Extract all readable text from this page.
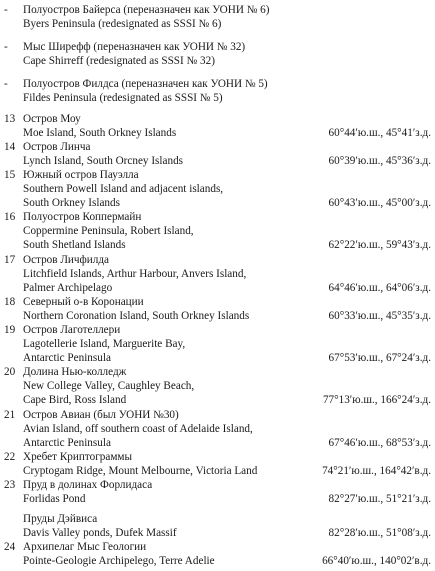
-	Полуостров Байерса (переназначен как УОНИ № 6)
Byers Peninsula (redesignated as SSSI № 6)
-	Мыс Ширефф (переназначен как УОНИ № 32)
Cape Shirreff (redesignated as SSSI № 32)
-	Полуостров Филдса (переназначен как УОНИ № 5)
Fildes Peninsula (redesignated as SSSI № 5)
13 Остров Моу
Moe Island, South Orkney Islands	60°44′ю.ш., 45°41′з.д.
14 Остров Линча
Lynch Island, South Orcney Islands	60°39′ю.ш., 45°36′з.д.
15 Южный остров Пауэлла
Southern Powell Island and adjacent islands,
South Orkney Islands	60°43′ю.ш., 45°00′з.д.
16 Полуостров Коппермайн
Coppermine Peninsula, Robert Island,
South Shetland Islands	62°22′ю.ш., 59°43′з.д.
17 Остров Личфилда
Litchfield Islands, Arthur Harbour, Anvers Island,
Palmer Archipelago	64°46′ю.ш., 64°06′з.д.
18 Северный о-в Коронации
Northern Coronation Island, South Orkney Islands	60°33′ю.ш., 45°35′з.д.
19 Остров Лаготеллери
Lagotellerie Island, Marguerite Bay,
Antarctic Peninsula	67°53′ю.ш., 67°24′з.д.
20 Долина Нью-колледж
New College Valley, Caughley Beach,
Cape Bird, Ross Island	77°13′ю.ш., 166°24′з.д.
21 Остров Авиан (был УОНИ №30)
Avian Island, off southern coast of Adelaide Island,
Antarctic Peninsula	67°46′ю.ш., 68°53′з.д.
22 Хребет Криптограммы
Cryptogam Ridge, Mount Melbourne, Victoria Land	74°21′ю.ш., 164°42′в.д.
23 Пруд в долинах Форлидаса
Forlidas Pond	82°27′ю.ш., 51°21′з.д.
Пруды Дэйвиса
Davis Valley ponds, Dufek Massif	82°28′ю.ш., 51°08′з.д.
24 Архипелаг Мыс Геологии
Pointe-Geologie Archipelego, Terre Adelie	66°40′ю.ш., 140°02′в.д.
